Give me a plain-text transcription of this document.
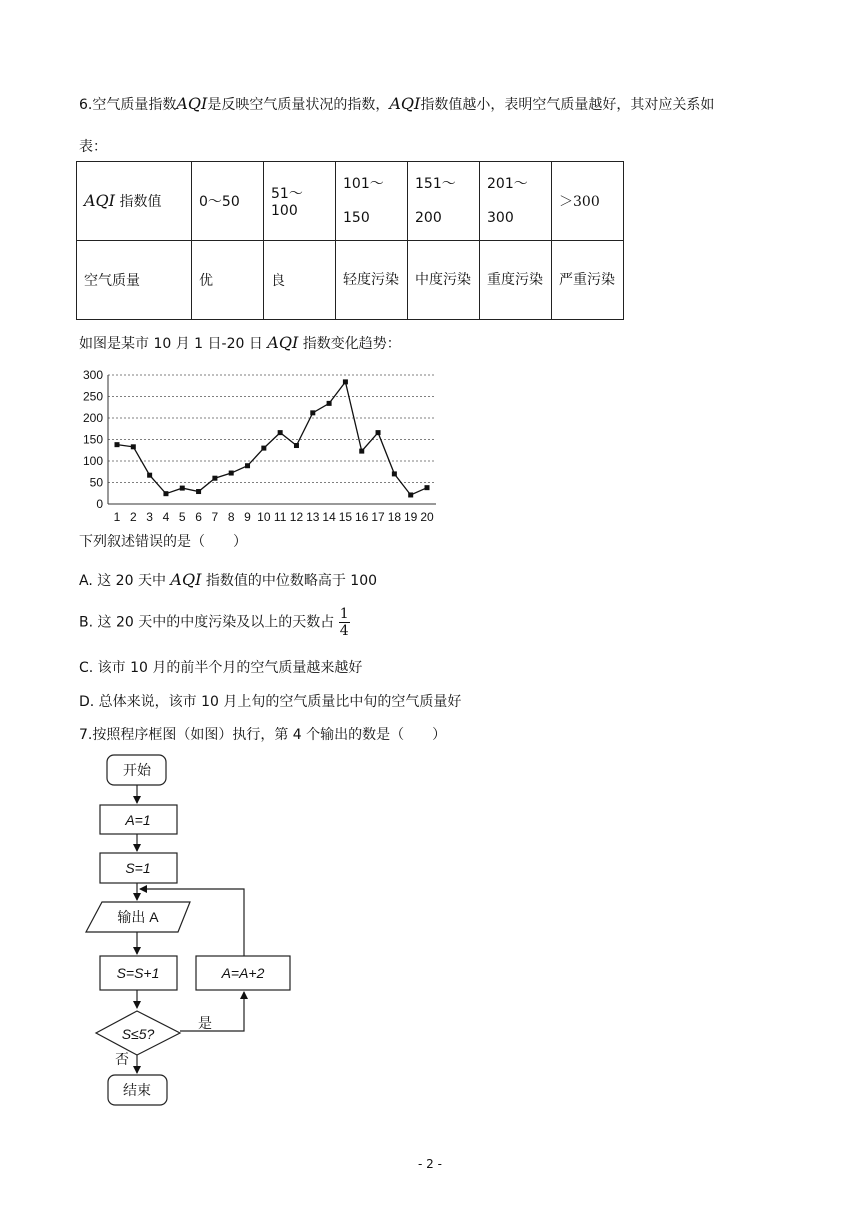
6.空气质量指数AQI是反映空气质量状况的指数，AQI指数值越小，表明空气质量越好，其对应关系如
表：
AQI 指数值	0～50	51～100	101～150	151～200	201～300	＞300
空气质量	优	良	轻度污染	中度污染	重度污染	严重污染
如图是某市 10 月 1 日-20 日 AQI 指数变化趋势：
0
50
100
150
200
250
300
1 2 3 4 5 6 7 8 9 10 11 12 13 14 15 16 17 18 19 20
下列叙述错误的是（　　）
A. 这 20 天中 AQI 指数值的中位数略高于 100
B. 这 20 天中的中度污染及以上的天数占 $\frac{1}{4}$
C. 该市 10 月的前半个月的空气质量越来越好
D. 总体来说，该市 10 月上旬的空气质量比中旬的空气质量好
7.按照程序框图（如图）执行，第 4 个输出的数是（　　）
开始
A=1
S=1
输出 A
S=S+1	A=A+2
S≤5?
是
否
结束
- 2 -
